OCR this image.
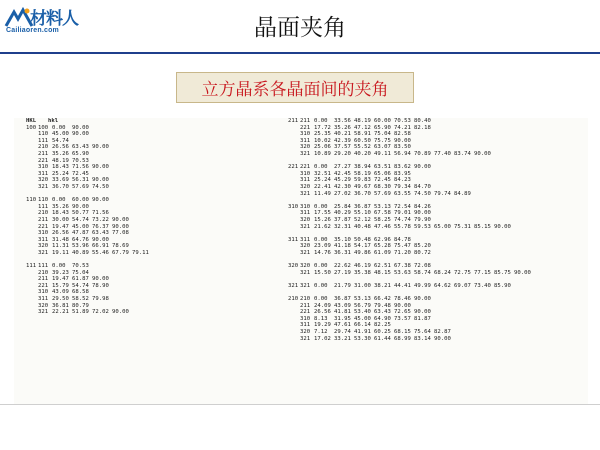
材料人
Cailiaoren.com	晶面夹角
立方晶系各晶面间的夹角
HKL hkl
100 100 0.00 90.00
110 45.00 90.00
111 54.74
210 26.56 63.43 90.00
211 35.26 65.90
221 48.19 70.53
310 18.43 71.56 90.00
311 25.24 72.45
320 33.69 56.31 90.00
321 36.70 57.69 74.50
110 110 0.00 60.00 90.00
111 35.26 90.00
210 18.43 50.77 71.56
211 30.00 54.74 73.22 90.00
221 19.47 45.00 76.37 90.00
310 26.56 47.87 63.43 77.08
311 31.48 64.76 90.00
320 11.31 53.96 66.91 78.69
321 19.11 40.89 55.46 67.79 79.11
111 111 0.00 70.53
210 39.23 75.04
211 19.47 61.87 90.00
221 15.79 54.74 78.90
310 43.09 68.58
311 29.50 58.52 79.98
320 36.81 80.79
321 22.21 51.89 72.02 90.00
211 211 0.00 33.56 48.19 60.00 70.53 80.40
221 17.72 35.26 47.12 65.90 74.21 82.18
310 25.35 40.21 58.91 75.04 82.58
311 10.02 42.39 60.50 75.75 90.00
320 25.06 37.57 55.52 63.07 83.50
321 10.89 29.20 40.20 49.11 56.94 70.89 77.40 83.74 90.00
221 221 0.00 27.27 38.94 63.51 83.62 90.00
310 32.51 42.45 58.19 65.06 83.95
311 25.24 45.29 59.83 72.45 84.23
320 22.41 42.30 49.67 68.30 79.34 84.70
321 11.49 27.02 36.70 57.69 63.55 74.50 79.74 84.89
310 310 0.00 25.84 36.87 53.13 72.54 84.26
311 17.55 40.29 55.10 67.58 79.01 90.00
320 15.26 37.87 52.12 58.25 74.74 79.90
321 21.62 32.31 40.48 47.46 55.78 59.53 65.00 75.31 85.15 90.00
311 311 0.00 35.10 50.48 62.96 84.78
320 23.09 41.18 54.17 65.28 75.47 85.20
321 14.76 36.31 49.86 61.09 71.20 80.72
320 320 0.00 22.62 46.19 62.51 67.38 72.08
321 15.50 27.19 35.38 48.15 53.63 58.74 68.24 72.75 77.15 85.75 90.00
321 321 0.00 21.79 31.00 38.21 44.41 49.99 64.62 69.07 73.40 85.90
210 210 0.00 36.87 53.13 66.42 78.46 90.00
211 24.09 43.09 56.79 79.48 90.00
221 26.56 41.81 53.40 63.43 72.65 90.00
310 8.13 31.95 45.00 64.90 73.57 81.87
311 19.29 47.61 66.14 82.25
320 7.12 29.74 41.91 60.25 68.15 75.64 82.87
321 17.02 33.21 53.30 61.44 68.99 83.14 90.00
